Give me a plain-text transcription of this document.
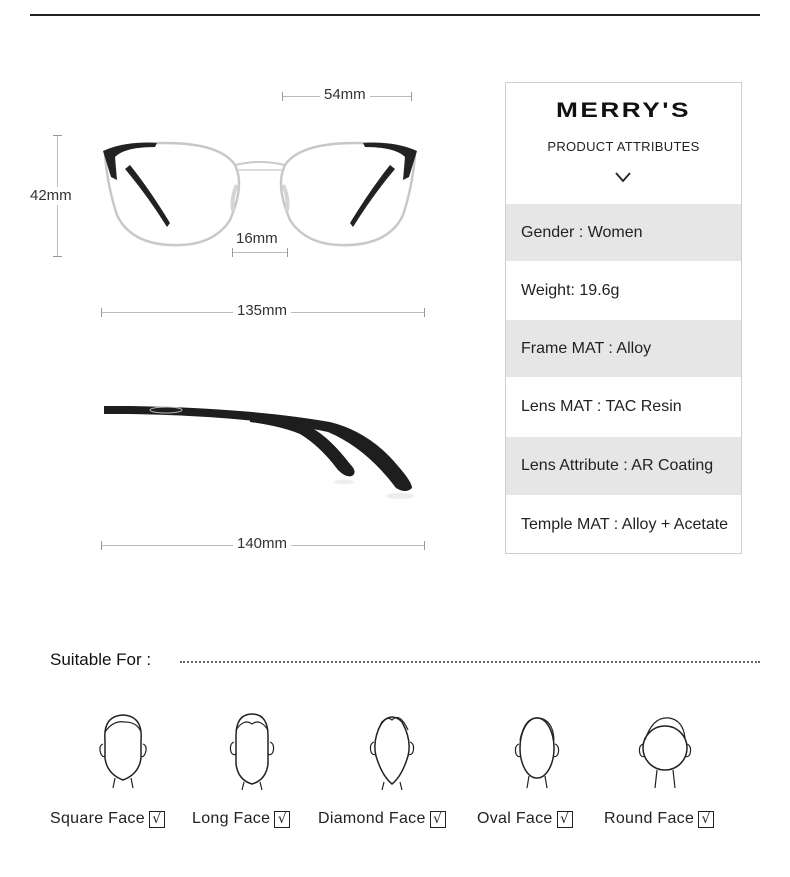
54mm
42mm
16mm
135mm
140mm
MERRY'S
PRODUCT ATTRIBUTES
Gender : Women
Weight: 19.6g
Frame MAT : Alloy
Lens MAT : TAC Resin
Lens Attribute : AR Coating
Temple MAT : Alloy + Acetate
Suitable For :
Square Face √ Long Face √ Diamond Face √ Oval Face √ Round Face √
